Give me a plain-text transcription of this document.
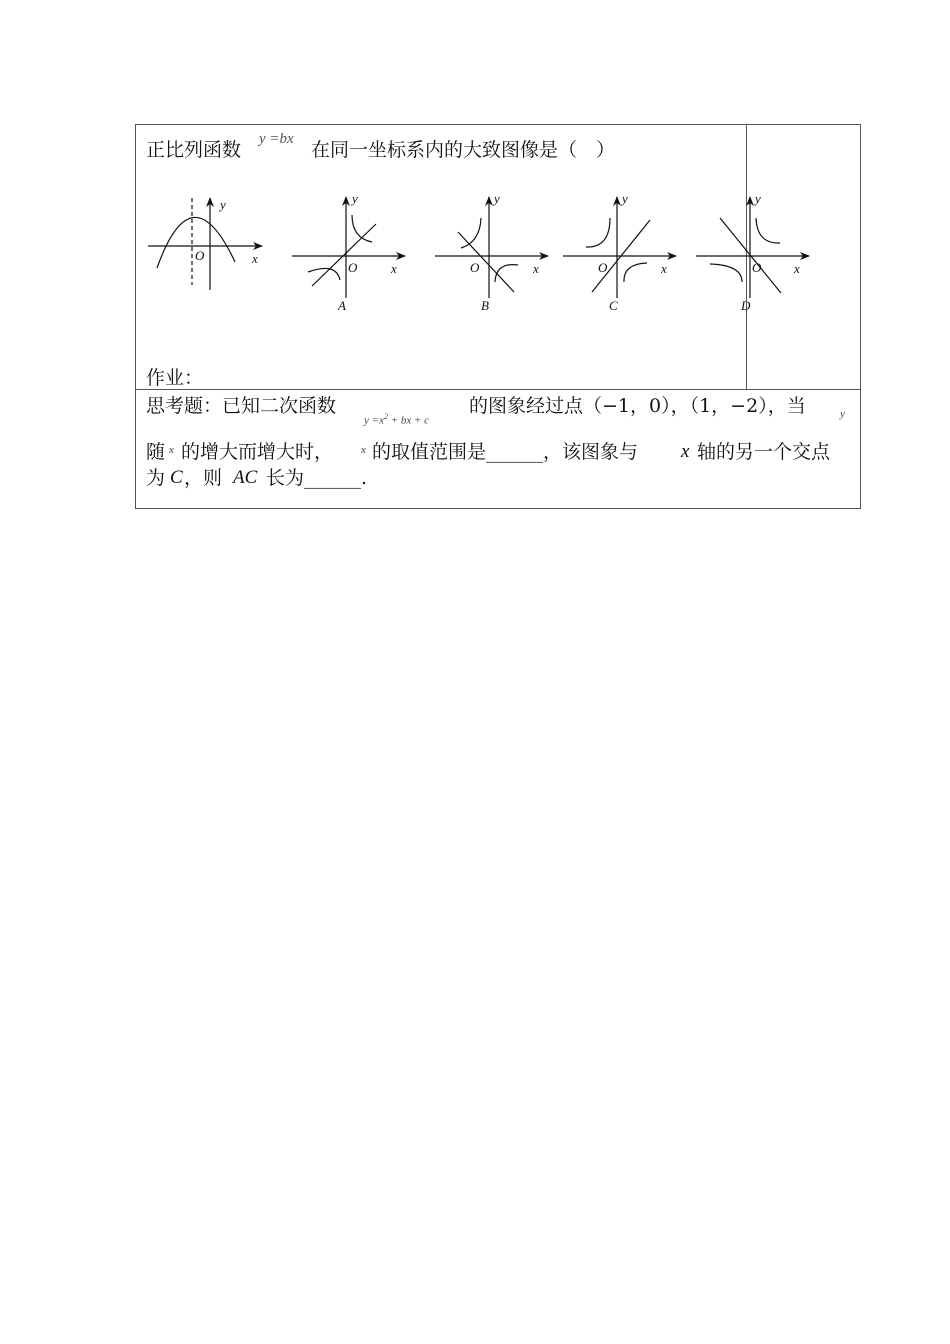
正比列函数 y =bx 在同一坐标系内的大致图像是（　）
y
x
O
y
x
O
A
y
x
O
B
y
x
O
C
y
x
O
D
作业：
思考题：已知二次函数
$y =x^2$ + bx + c
的图象经过点（−1，0），（1，−2），当	y
随 x 的增大而增大时，	x 的取值范围是______，该图象与 x 轴的另一个交点
为 C ，则 AC 长为______.
